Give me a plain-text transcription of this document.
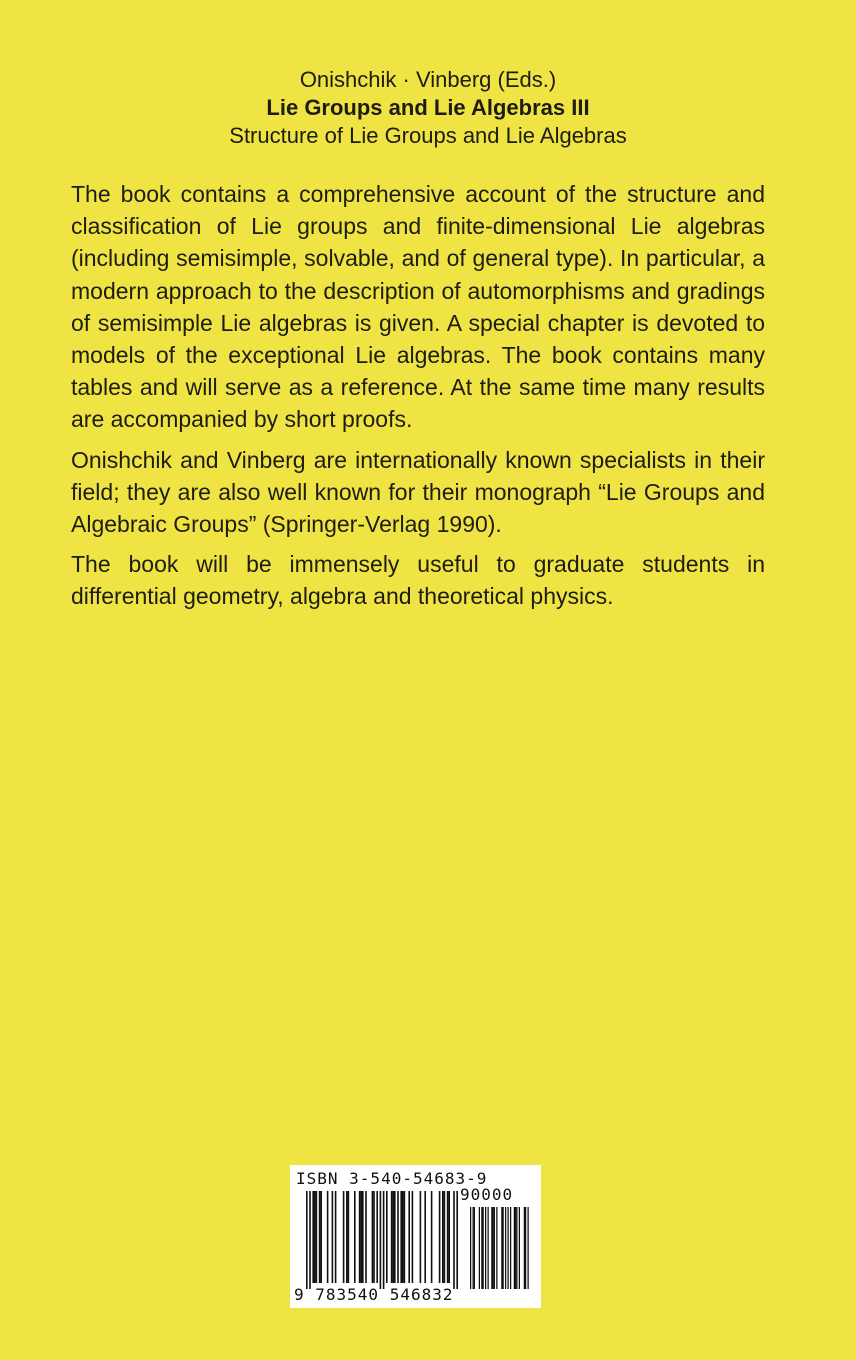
Onishchik · Vinberg (Eds.)

Lie Groups and Lie Algebras III

Structure of Lie Groups and Lie Algebras

The book contains a comprehensive account of the structure and classification of Lie groups and finite-dimensional Lie algebras (including semisimple, solvable, and of general type). In particular, a modern approach to the description of automorphisms and gradings of semisimple Lie algebras is given. A special chapter is devoted to models of the exceptional Lie algebras. The book contains many tables and will serve as a reference. At the same time many results are accompanied by short proofs.

Onishchik and Vinberg are internationally known specialists in their field; they are also well known for their monograph “Lie Groups and Algebraic Groups” (Springer-Verlag 1990).

The book will be immensely useful to graduate students in differential geometry, algebra and theoretical physics.

ISBN 3-540-54683-9
90000
9 783540 546832
